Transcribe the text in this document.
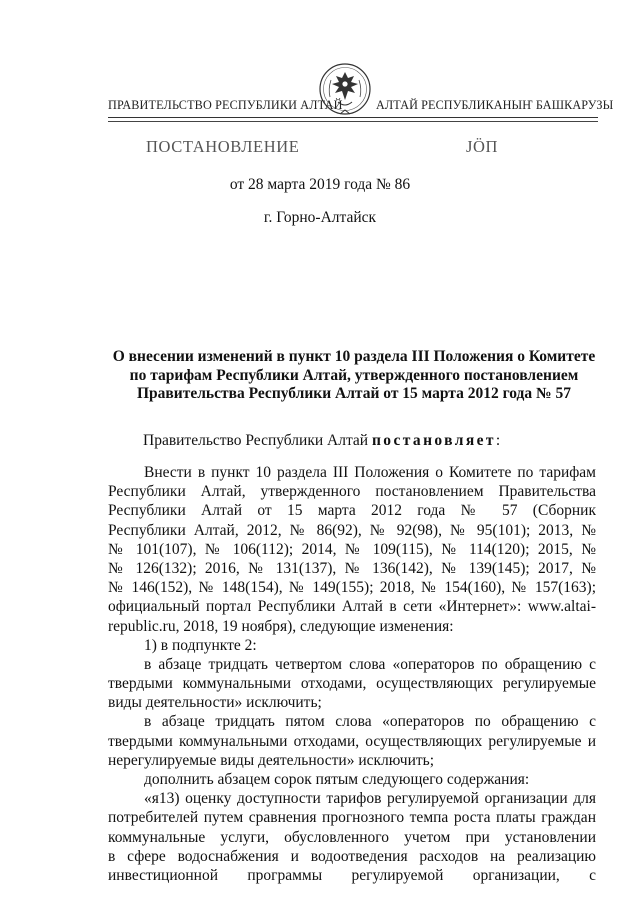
ПРАВИТЕЛЬСТВО РЕСПУБЛИКИ АЛТАЙ	АЛТАЙ РЕСПУБЛИКАНЫҤ БАШКАРУЗЫ
ПОСТАНОВЛЕНИЕ	ЈÖП
от 28 марта 2019 года № 86
г. Горно-Алтайск
О внесении изменений в пункт 10 раздела III Положения о Комитете
по тарифам Республики Алтай, утвержденного постановлением
Правительства Республики Алтай от 15 марта 2012 года № 57
Правительство Республики Алтай постановляет:
Внести в пункт 10 раздела III Положения о Комитете по тарифам
Республики Алтай, утвержденного постановлением Правительства
Республики Алтай от 15 марта 2012 года № 57 (Сборник
Республики Алтай, 2012, № 86(92), № 92(98), № 95(101); 2013, №
№ 101(107), № 106(112); 2014, № 109(115), № 114(120); 2015, №
№ 126(132); 2016, № 131(137), № 136(142), № 139(145); 2017, №
№ 146(152), № 148(154), № 149(155); 2018, № 154(160), № 157(163);
официальный портал Республики Алтай в сети «Интернет»: www.altai-
republic.ru, 2018, 19 ноября), следующие изменения:
1) в подпункте 2:
в абзаце тридцать четвертом слова «операторов по обращению с
твердыми коммунальными отходами, осуществляющих регулируемые
виды деятельности» исключить;
в абзаце тридцать пятом слова «операторов по обращению с
твердыми коммунальными отходами, осуществляющих регулируемые и
нерегулируемые виды деятельности» исключить;
дополнить абзацем сорок пятым следующего содержания:
«я13) оценку доступности тарифов регулируемой организации для
потребителей путем сравнения прогнозного темпа роста платы граждан
коммунальные услуги, обусловленного учетом при установлении
в сфере водоснабжения и водоотведения расходов на реализацию
инвестиционной программы регулируемой организации, с
